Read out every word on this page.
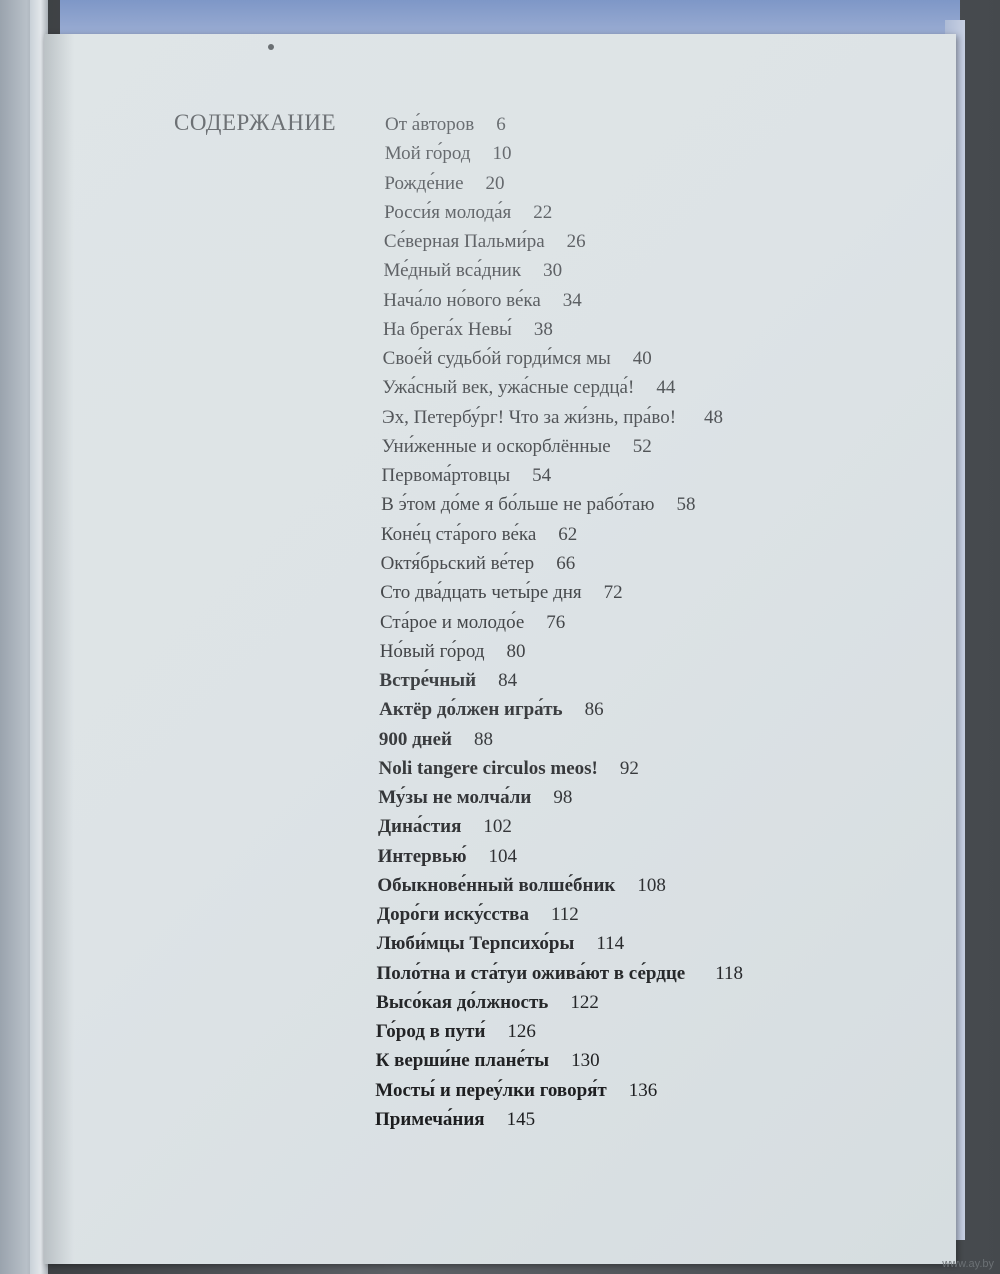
СОДЕРЖАНИЕ	От а́второв 6
Мой го́род 10
Рожде́ние 20
Росси́я молода́я 22
Се́верная Пальми́ра 26
Ме́дный вса́дник 30
Нача́ло но́вого ве́ка 34
На брега́х Невы́ 38
Свое́й судьбо́й горди́мся мы 40
Ужа́сный век, ужа́сные сердца́! 44
Эх, Петербу́рг! Что за жи́знь, пра́во! 48
Уни́женные и оскорблённые 52
Первома́ртовцы 54
В э́том до́ме я бо́льше не рабо́таю 58
Коне́ц ста́рого ве́ка 62
Октя́брьский ве́тер 66
Сто два́дцать четы́ре дня 72
Ста́рое и молодо́е 76
Но́вый го́род 80
Встре́чный 84
Актёр до́лжен игра́ть 86
900 дней 88
Noli tangere circulos meos! 92
Му́зы не молча́ли 98
Дина́стия 102
Интервью́ 104
Обыкнове́нный волше́бник 108
Доро́ги иску́сства 112
Люби́мцы Терпсихо́ры 114
Поло́тна и ста́туи ожива́ют в се́рдце 118
Высо́кая до́лжность 122
Го́род в пути́ 126
К верши́не плане́ты 130
Мосты́ и переу́лки говоря́т 136
Примеча́ния 145
www.ay.by
